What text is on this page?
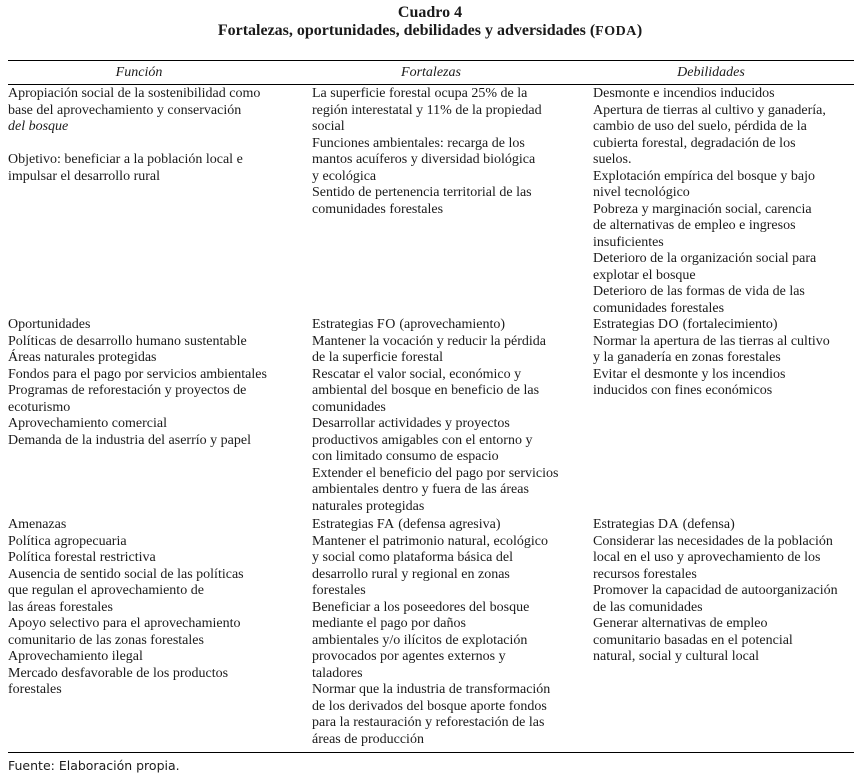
Cuadro 4
Fortalezas, oportunidades, debilidades y adversidades (FODA)
Función	Fortalezas	Debilidades

Apropiación social de la sostenibilidad como

base del aprovechamiento y conservación

del bosque

Objetivo: beneficiar a la población local e

impulsar el desarrollo rural

La superficie forestal ocupa 25% de la

región interestatal y 11% de la propiedad

social

Funciones ambientales: recarga de los

mantos acuíferos y diversidad biológica

y ecológica

Sentido de pertenencia territorial de las

comunidades forestales

Desmonte e incendios inducidos

Apertura de tierras al cultivo y ganadería,

cambio de uso del suelo, pérdida de la

cubierta forestal, degradación de los

suelos.

Explotación empírica del bosque y bajo

nivel tecnológico

Pobreza y marginación social, carencia

de alternativas de empleo e ingresos

insuficientes

Deterioro de la organización social para

explotar el bosque

Deterioro de las formas de vida de las

comunidades forestales

Oportunidades

Políticas de desarrollo humano sustentable

Áreas naturales protegidas

Fondos para el pago por servicios ambientales

Programas de reforestación y proyectos de

ecoturismo

Aprovechamiento comercial

Demanda de la industria del aserrío y papel

Estrategias FO (aprovechamiento)

Mantener la vocación y reducir la pérdida

de la superficie forestal

Rescatar el valor social, económico y

ambiental del bosque en beneficio de las

comunidades

Desarrollar actividades y proyectos

productivos amigables con el entorno y

con limitado consumo de espacio

Extender el beneficio del pago por servicios

ambientales dentro y fuera de las áreas

naturales protegidas

Estrategias DO (fortalecimiento)

Normar la apertura de las tierras al cultivo

y la ganadería en zonas forestales

Evitar el desmonte y los incendios

inducidos con fines económicos

Amenazas

Política agropecuaria

Política forestal restrictiva

Ausencia de sentido social de las políticas

que regulan el aprovechamiento de

las áreas forestales

Apoyo selectivo para el aprovechamiento

comunitario de las zonas forestales

Aprovechamiento ilegal

Mercado desfavorable de los productos

forestales

Estrategias FA (defensa agresiva)

Mantener el patrimonio natural, ecológico

y social como plataforma básica del

desarrollo rural y regional en zonas

forestales

Beneficiar a los poseedores del bosque

mediante el pago por daños

ambientales y/o ilícitos de explotación

provocados por agentes externos y

taladores

Normar que la industria de transformación

de los derivados del bosque aporte fondos

para la restauración y reforestación de las

áreas de producción

Estrategias DA (defensa)

Considerar las necesidades de la población

local en el uso y aprovechamiento de los

recursos forestales

Promover la capacidad de autoorganización

de las comunidades

Generar alternativas de empleo

comunitario basadas en el potencial

natural, social y cultural local

Fuente: Elaboración propia.
